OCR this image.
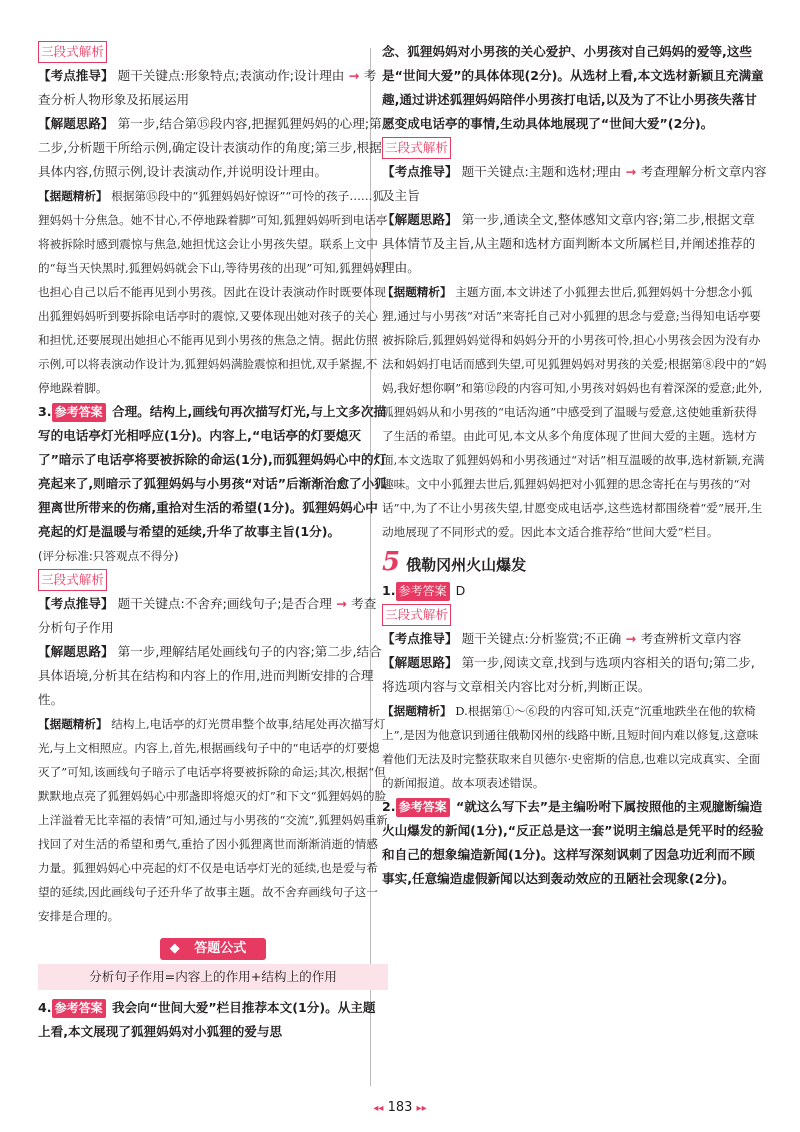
三段式解析

【考点推导】 题干关键点:形象特点;表演动作;设计理由 → 考查分析人物形象及拓展运用

【解题思路】 第一步,结合第⑮段内容,把握狐狸妈妈的心理;第二步,分析题干所给示例,确定设计表演动作的角度;第三步,根据具体内容,仿照示例,设计表演动作,并说明设计理由。

【据题精析】 根据第⑮段中的“狐狸妈妈好惊讶”“可怜的孩子……狐狸妈妈十分焦急。她不甘心,不停地跺着脚”可知,狐狸妈妈听到电话亭将被拆除时感到震惊与焦急,她担忧这会让小男孩失望。联系上文中的“每当天快黑时,狐狸妈妈就会下山,等待男孩的出现”可知,狐狸妈妈也担心自己以后不能再见到小男孩。因此在设计表演动作时既要体现出狐狸妈妈听到要拆除电话亭时的震惊,又要体现出她对孩子的关心和担忧,还要展现出她担心不能再见到小男孩的焦急之情。据此仿照示例,可以将表演动作设计为,狐狸妈妈满脸震惊和担忧,双手紧握,不停地跺着脚。

3. 参考答案 合理。结构上,画线句再次描写灯光,与上文多次描写的电话亭灯光相呼应(1分)。内容上,“电话亭的灯要熄灭了”暗示了电话亭将要被拆除的命运(1分),而狐狸妈妈心中的灯亮起来了,则暗示了狐狸妈妈与小男孩“对话”后渐渐治愈了小狐狸离世所带来的伤痛,重拾对生活的希望(1分)。狐狸妈妈心中亮起的灯是温暖与希望的延续,升华了故事主旨(1分)。

(评分标准:只答观点不得分)

三段式解析

【考点推导】 题干关键点:不舍弃;画线句子;是否合理 → 考查分析句子作用

【解题思路】 第一步,理解结尾处画线句子的内容;第二步,结合具体语境,分析其在结构和内容上的作用,进而判断安排的合理性。

【据题精析】 结构上,电话亭的灯光贯串整个故事,结尾处再次描写灯光,与上文相照应。内容上,首先,根据画线句子中的“电话亭的灯要熄灭了”可知,该画线句子暗示了电话亭将要被拆除的命运;其次,根据“但默默地点亮了狐狸妈妈心中那盏即将熄灭的灯”和下文“狐狸妈妈的脸上洋溢着无比幸福的表情”可知,通过与小男孩的“交流”,狐狸妈妈重新找回了对生活的希望和勇气,重拾了因小狐狸离世而渐渐消逝的情感力量。狐狸妈妈心中亮起的灯不仅是电话亭灯光的延续,也是爱与希望的延续,因此画线句子还升华了故事主题。故不舍弃画线句子这一安排是合理的。

◆ 答题公式
分析句子作用=内容上的作用+结构上的作用

4. 参考答案 我会向“世间大爱”栏目推荐本文(1分)。从主题上看,本文展现了狐狸妈妈对小狐狸的爱与思

念、狐狸妈妈对小男孩的关心爱护、小男孩对自己妈妈的爱等,这些是“世间大爱”的具体体现(2分)。从选材上看,本文选材新颖且充满童趣,通过讲述狐狸妈妈陪伴小男孩打电话,以及为了不让小男孩失落甘愿变成电话亭的事情,生动具体地展现了“世间大爱”(2分)。

三段式解析

【考点推导】 题干关键点:主题和选材;理由 → 考查理解分析文章内容及主旨

【解题思路】 第一步,通读全文,整体感知文章内容;第二步,根据文章具体情节及主旨,从主题和选材方面判断本文所属栏目,并阐述推荐的理由。

【据题精析】 主题方面,本文讲述了小狐狸去世后,狐狸妈妈十分想念小狐狸,通过与小男孩“对话”来寄托自己对小狐狸的思念与爱意;当得知电话亭要被拆除后,狐狸妈妈觉得和妈妈分开的小男孩可怜,担心小男孩会因为没有办法和妈妈打电话而感到失望,可见狐狸妈妈对男孩的关爱;根据第⑧段中的“妈妈,我好想你啊”和第⑫段的内容可知,小男孩对妈妈也有着深深的爱意;此外,狐狸妈妈从和小男孩的“电话沟通”中感受到了温暖与爱意,这使她重新获得了生活的希望。由此可见,本文从多个角度体现了世间大爱的主题。选材方面,本文选取了狐狸妈妈和小男孩通过“对话”相互温暖的故事,选材新颖,充满趣味。文中小狐狸去世后,狐狸妈妈把对小狐狸的思念寄托在与男孩的“对话”中,为了不让小男孩失望,甘愿变成电话亭,这些选材都围绕着“爱”展开,生动地展现了不同形式的爱。因此本文适合推荐给“世间大爱”栏目。

5 俄勒冈州火山爆发

1. 参考答案 D

三段式解析

【考点推导】 题干关键点:分析鉴赏;不正确 → 考查辨析文章内容

【解题思路】 第一步,阅读文章,找到与选项内容相关的语句;第二步,将选项内容与文章相关内容比对分析,判断正误。

【据题精析】 D.根据第①～⑥段的内容可知,沃克“沉重地跌坐在他的软椅上”,是因为他意识到通往俄勒冈州的线路中断,且短时间内难以修复,这意味着他们无法及时完整获取来自贝德尔·史密斯的信息,也难以完成真实、全面的新闻报道。故本项表述错误。

2. 参考答案 “就这么写下去”是主编吩咐下属按照他的主观臆断编造火山爆发的新闻(1分),“反正总是这一套”说明主编总是凭平时的经验和自己的想象编造新闻(1分)。这样写深刻讽刺了因急功近利而不顾事实,任意编造虚假新闻以达到轰动效应的丑陋社会现象(2分)。

◂◂ 183 ▸▸
